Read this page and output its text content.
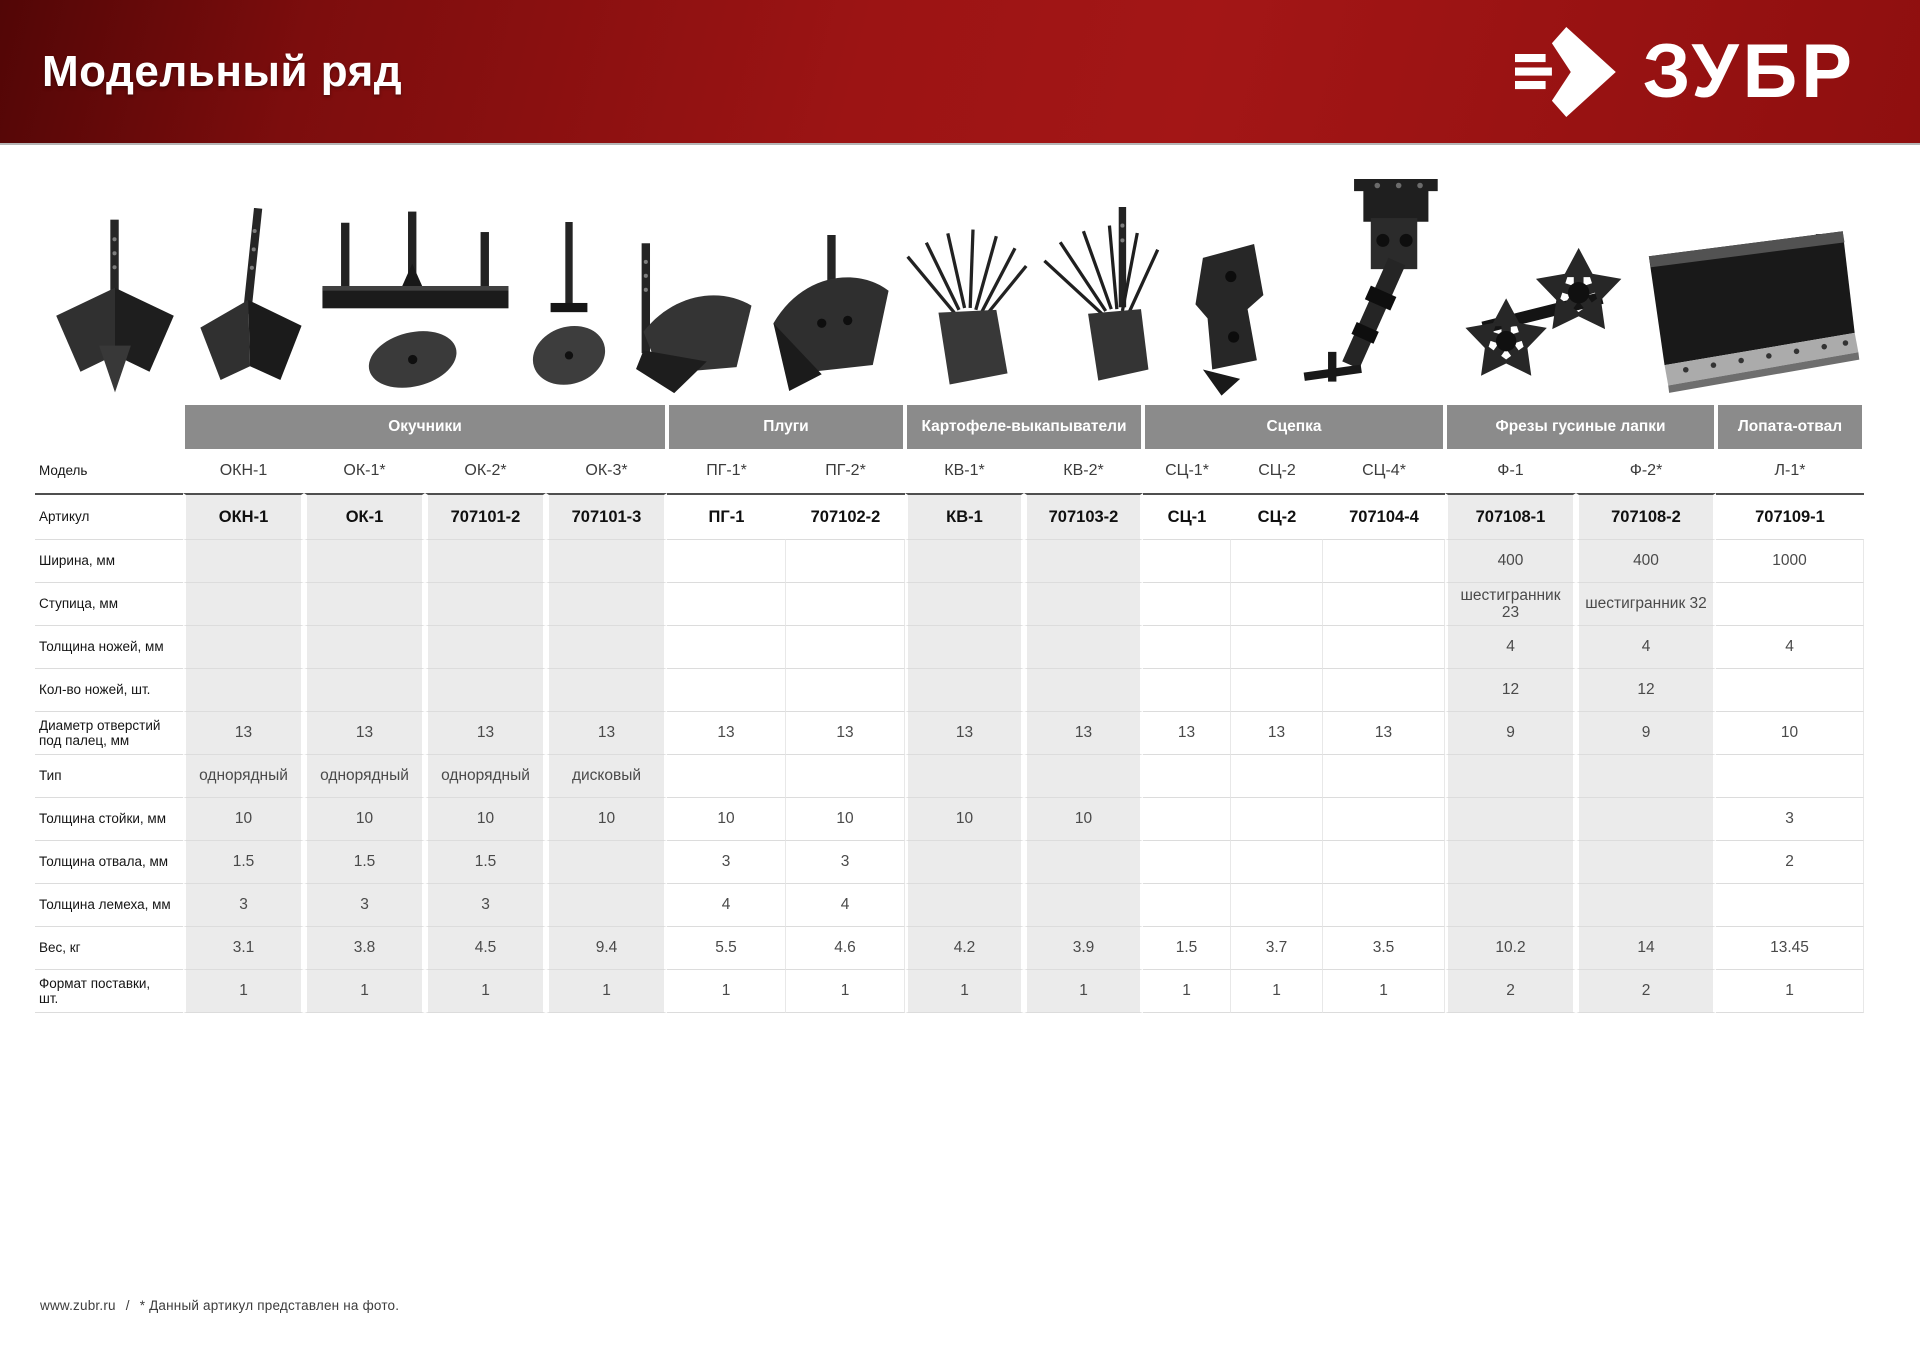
Модельный ряд	ЗУБР
	Окучники				Плуги		Картофеле-выкапыватели		Сцепка			Фрезы гусиные лапки		Лопата-отвал
Модель	ОКН-1	ОК-1*	ОК-2*	ОК-3*	ПГ-1*	ПГ-2*	КВ-1*	КВ-2*	СЦ-1*	СЦ-2	СЦ-4*	Ф-1	Ф-2*	Л-1*
Артикул	ОКН-1	ОК-1	707101-2	707101-3	ПГ-1	707102-2	КВ-1	707103-2	СЦ-1	СЦ-2	707104-4	707108-1	707108-2	707109-1
Ширина, мм												400	400	1000
Ступица, мм												шестигранник 23	шестигранник 32	
Толщина ножей, мм												4	4	4
Кол-во ножей, шт.												12	12	
Диаметр отверстий под палец, мм	13	13	13	13	13	13	13	13	13	13	13	9	9	10
Тип	однорядный	однорядный	однорядный	дисковый										
Толщина стойки, мм	10	10	10	10	10	10	10	10						3
Толщина отвала, мм	1.5	1.5	1.5		3	3								2
Толщина лемеха, мм	3	3	3		4	4								
Вес, кг	3.1	3.8	4.5	9.4	5.5	4.6	4.2	3.9	1.5	3.7	3.5	10.2	14	13.45
Формат поставки, шт.	1	1	1	1	1	1	1	1	1	1	1	2	2	1
www.zubr.ru / * Данный артикул представлен на фото.
